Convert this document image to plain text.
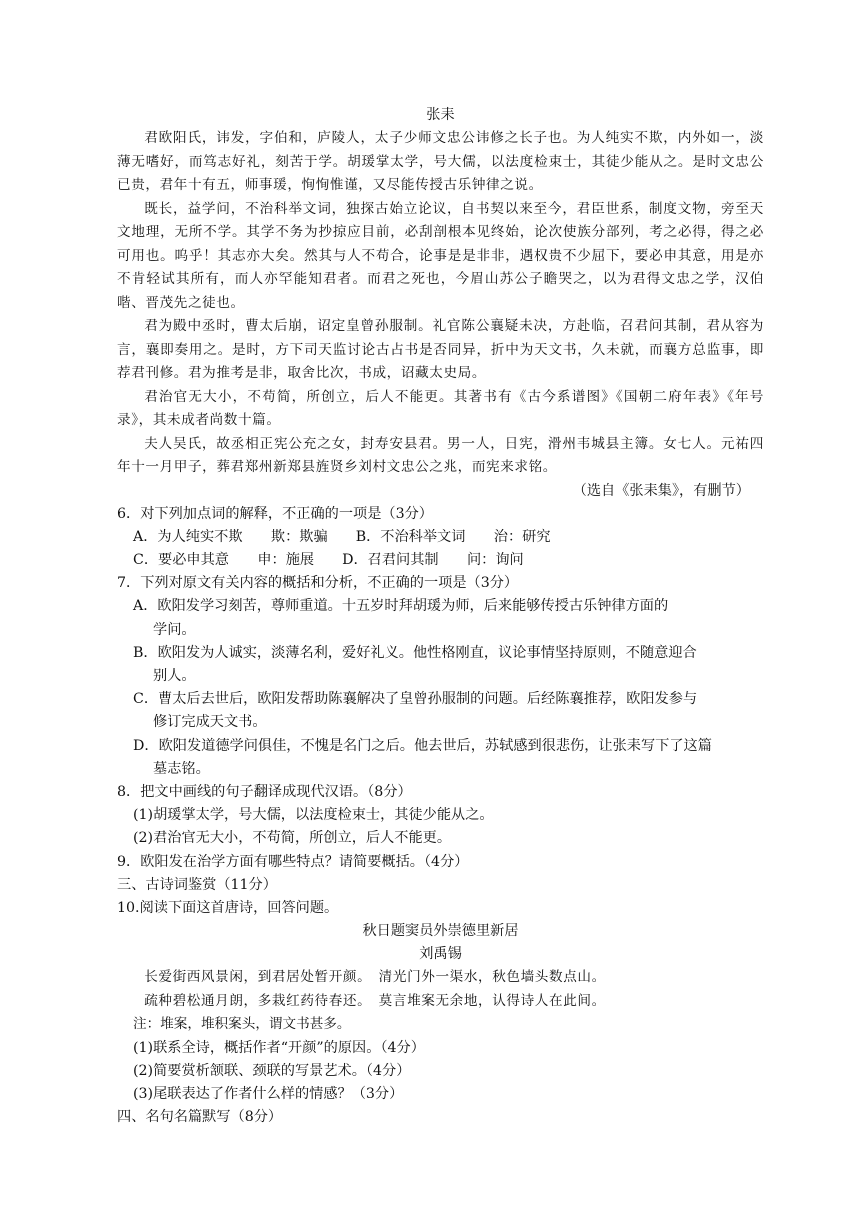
张耒

君欧阳氏，讳发，字伯和，庐陵人，太子少师文忠公讳修之长子也。为人纯实不欺，内外如一，淡薄无嗜好，而笃志好礼，刻苦于学。胡瑗掌太学，号大儒，以法度检束士，其徒少能从之。是时文忠公已贵，君年十有五，师事瑗，恂恂惟谨，又尽能传授古乐钟律之说。

既长，益学问，不治科举文词，独探古始立论议，自书契以来至今，君臣世系，制度文物，旁至天文地理，无所不学。其学不务为抄掠应目前，必刮剖根本见终始，论次使族分部列，考之必得，得之必可用也。呜乎！其志亦大矣。然其与人不苟合，论事是是非非，遇权贵不少屈下，要必申其意，用是亦不肯轻试其所有，而人亦罕能知君者。而君之死也，今眉山苏公子瞻哭之，以为君得文忠之学，汉伯喈、晋茂先之徒也。

君为殿中丞时，曹太后崩，诏定皇曾孙服制。礼官陈公襄疑未决，方赴临，召君问其制，君从容为言，襄即奏用之。是时，方下司天监讨论古占书是否同异，折中为天文书，久未就，而襄方总监事，即荐君刊修。君为推考是非，取舍比次，书成，诏藏太史局。

君治官无大小，不苟简，所创立，后人不能更。其著书有《古今系谱图》《国朝二府年表》《年号录》，其未成者尚数十篇。

夫人吴氏，故丞相正宪公充之女，封寿安县君。男一人，日宪，滑州韦城县主簿。女七人。元祐四年十一月甲子，葬君郑州新郑县旌贤乡刘村文忠公之兆，而宪来求铭。

（选自《张耒集》，有删节）

6．对下列加点词的解释，不正确的一项是（3分）

A．为人纯实不欺　　欺：欺骗 B．不治科举文词　　治：研究
C．要必申其意　　申：施展 D．召君问其制　　问：询问

7．下列对原文有关内容的概括和分析，不正确的一项是（3分）

A．欧阳发学习刻苦，尊师重道。十五岁时拜胡瑗为师，后来能够传授古乐钟律方面的
学问。
B．欧阳发为人诚实，淡薄名利，爱好礼义。他性格刚直，议论事情坚持原则，不随意迎合
别人。
C．曹太后去世后，欧阳发帮助陈襄解决了皇曾孙服制的问题。后经陈襄推荐，欧阳发参与
修订完成天文书。
D．欧阳发道德学问俱佳，不愧是名门之后。他去世后，苏轼感到很悲伤，让张耒写下了这篇
墓志铭。

8．把文中画线的句子翻译成现代汉语。（8分）

(1)胡瑗掌太学，号大儒，以法度检束士，其徒少能从之。

(2)君治官无大小，不苟简，所创立，后人不能更。

9．欧阳发在治学方面有哪些特点？请简要概括。（4分）

三、古诗词鉴赏（11分）

10.阅读下面这首唐诗，回答问题。

秋日题窦员外崇德里新居
刘禹锡

长爱街西风景闲，到君居处暂开颜。　清光门外一渠水，秋色墙头数点山。

疏种碧松通月朗，多栽红药待春还。　莫言堆案无余地，认得诗人在此间。

注：堆案，堆积案头，谓文书甚多。

(1)联系全诗，概括作者“开颜”的原因。（4分）

(2)简要赏析颔联、颈联的写景艺术。（4分）

(3)尾联表达了作者什么样的情感？（3分）

四、名句名篇默写（8分）
